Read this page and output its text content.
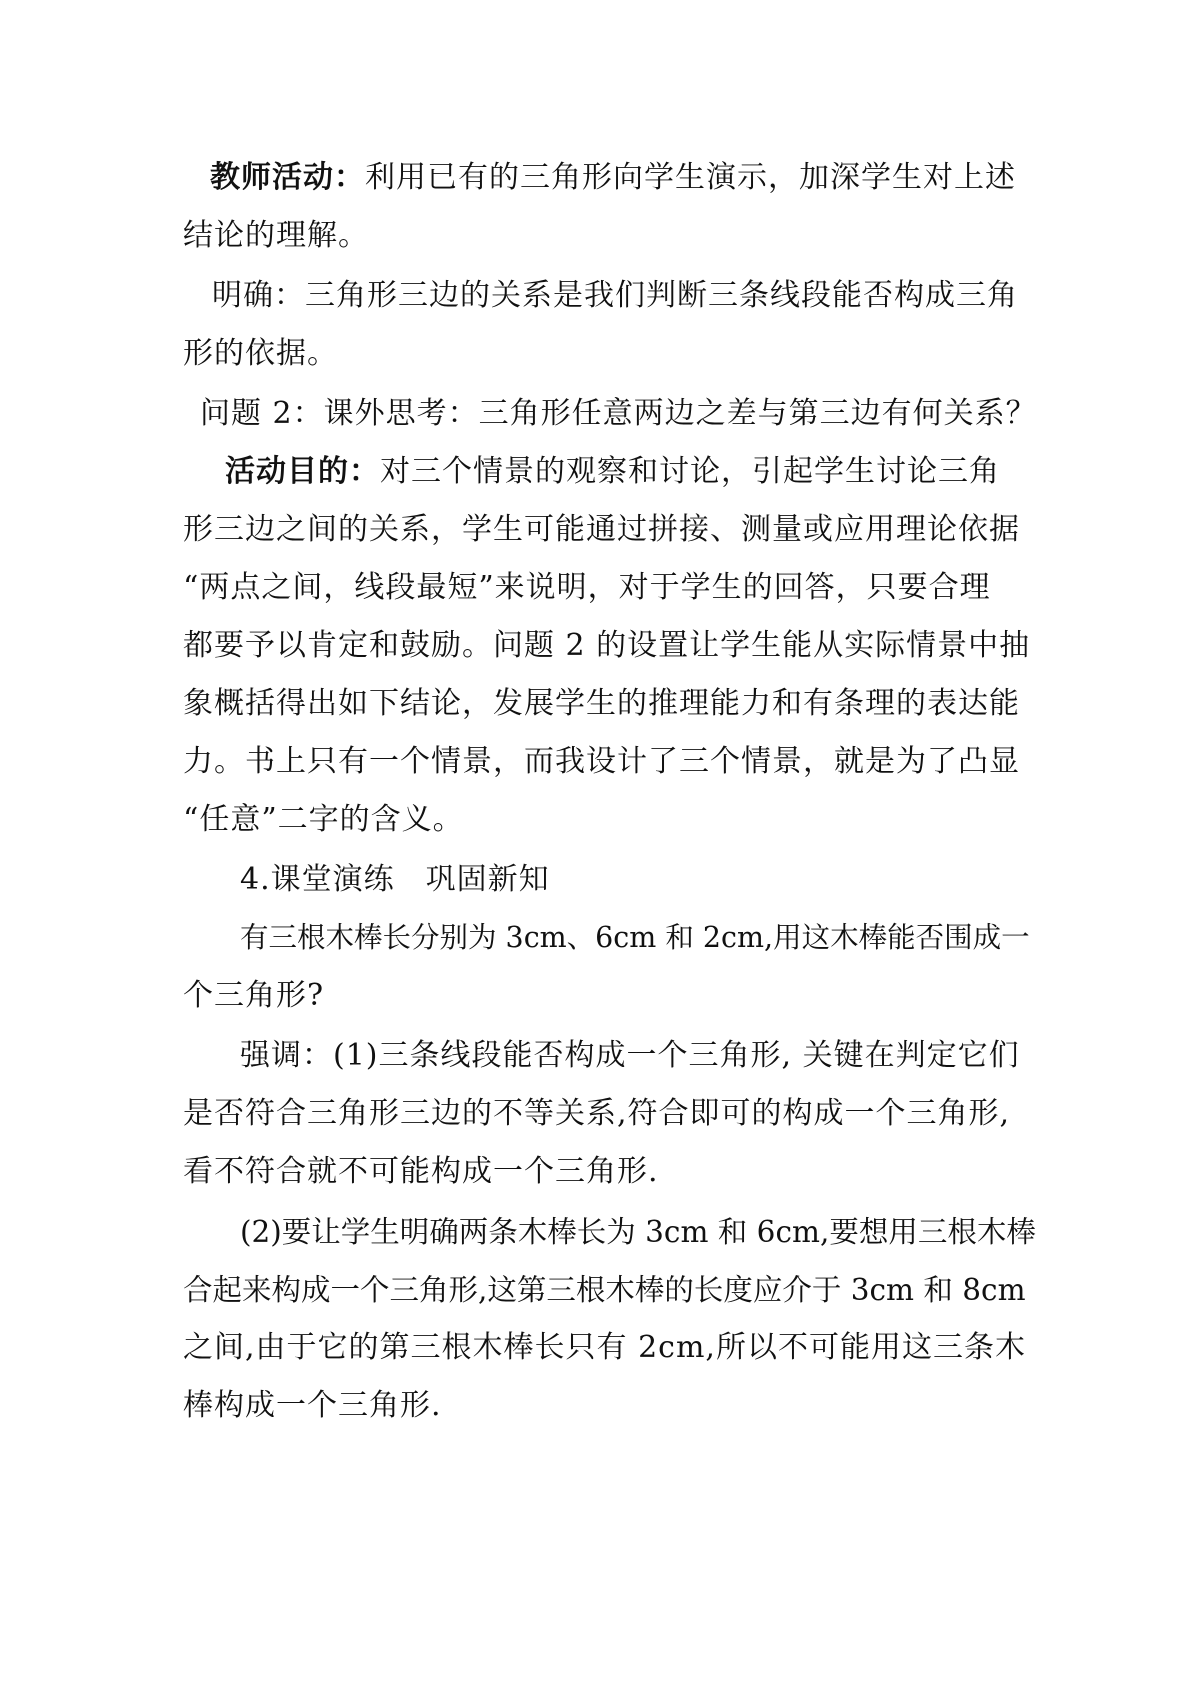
教师活动：利用已有的三角形向学生演示，加深学生对上述
结论的理解。
明确：三角形三边的关系是我们判断三条线段能否构成三角
形的依据。
问题 2：课外思考：三角形任意两边之差与第三边有何关系？
活动目的：对三个情景的观察和讨论，引起学生讨论三角
形三边之间的关系，学生可能通过拼接、测量或应用理论依据
“两点之间，线段最短”来说明，对于学生的回答，只要合理
都要予以肯定和鼓励。问题 2 的设置让学生能从实际情景中抽
象概括得出如下结论，发展学生的推理能力和有条理的表达能
力。书上只有一个情景，而我设计了三个情景，就是为了凸显
“任意”二字的含义。
4.课堂演练　巩固新知
有三根木棒长分别为 3cm、6cm 和 2cm,用这木棒能否围成一
个三角形?
强调：(1)三条线段能否构成一个三角形, 关键在判定它们
是否符合三角形三边的不等关系,符合即可的构成一个三角形,
看不符合就不可能构成一个三角形.
(2)要让学生明确两条木棒长为 3cm 和 6cm,要想用三根木棒
合起来构成一个三角形,这第三根木棒的长度应介于 3cm 和 8cm
之间,由于它的第三根木棒长只有 2cm,所以不可能用这三条木
棒构成一个三角形.
